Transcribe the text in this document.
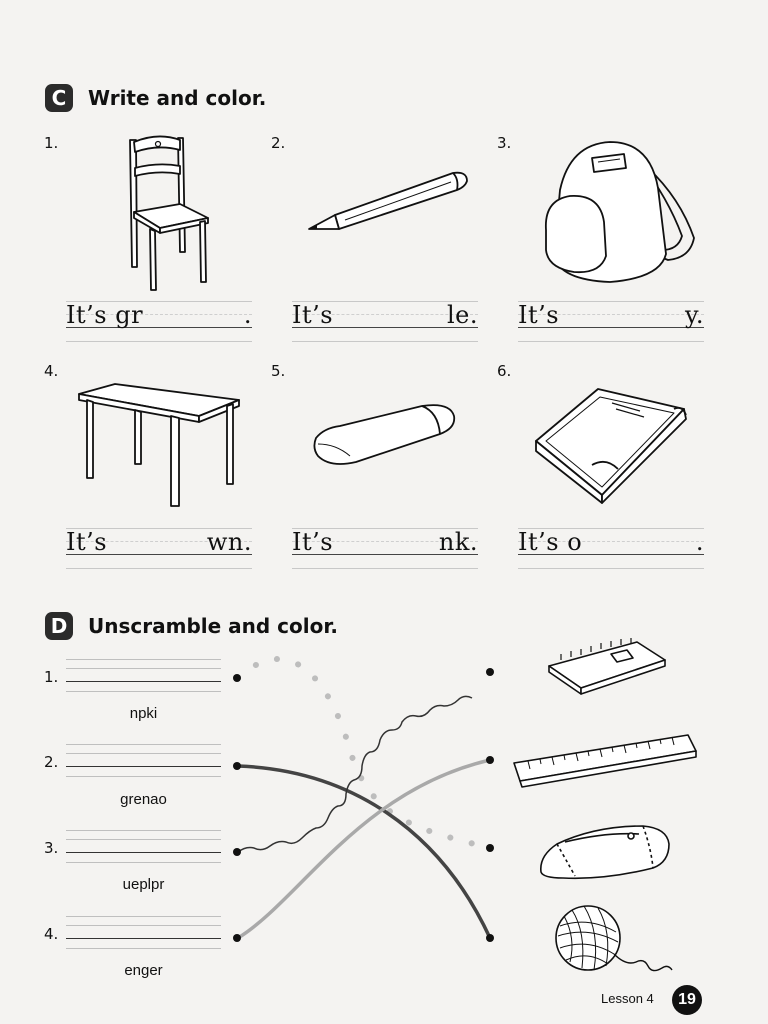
C	Write and color.
1.	2.	3.
It’s gr	. It’s	le. It’s	y.
4.	5.	6.
It’s	wn. It’s	nk. It’s o	.
D Unscramble and color.
1.
npki
2.
grenao
3.
ueplpr
4.
enger
Lesson 4	19
